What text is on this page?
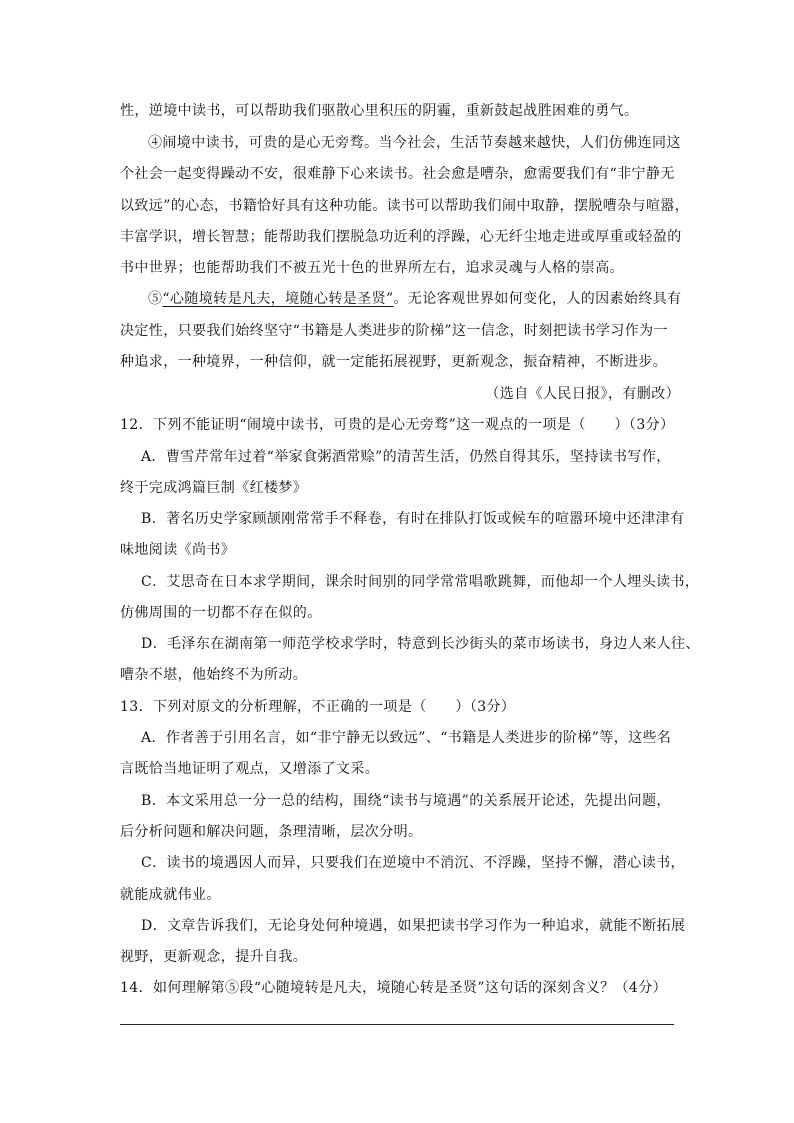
性，逆境中读书，可以帮助我们驱散心里积压的阴霾，重新鼓起战胜困难的勇气。
④闹境中读书，可贵的是心无旁骛。当今社会，生活节奏越来越快，人们仿佛连同这
个社会一起变得躁动不安，很难静下心来读书。社会愈是嘈杂，愈需要我们有“非宁静无
以致远”的心态，书籍恰好具有这种功能。读书可以帮助我们闹中取静，摆脱嘈杂与喧嚣，
丰富学识，增长智慧；能帮助我们摆脱急功近利的浮躁，心无纤尘地走进或厚重或轻盈的
书中世界；也能帮助我们不被五光十色的世界所左右，追求灵魂与人格的崇高。
⑤“心随境转是凡夫，境随心转是圣贤”。无论客观世界如何变化，人的因素始终具有
决定性，只要我们始终坚守“书籍是人类进步的阶梯”这一信念，时刻把读书学习作为一
种追求，一种境界，一种信仰，就一定能拓展视野，更新观念，振奋精神，不断进步。
（选自《人民日报》，有删改）
12．下列不能证明“闹境中读书，可贵的是心无旁骛”这一观点的一项是（　　）（3分）
A．曹雪芹常年过着“举家食粥酒常赊”的清苦生活，仍然自得其乐，坚持读书写作，
终于完成鸿篇巨制《红楼梦》
B．著名历史学家顾颉刚常常手不释卷，有时在排队打饭或候车的喧嚣环境中还津津有
味地阅读《尚书》
C．艾思奇在日本求学期间，课余时间别的同学常常唱歌跳舞，而他却一个人埋头读书，
仿佛周围的一切都不存在似的。
D．毛泽东在湖南第一师范学校求学时，特意到长沙街头的菜市场读书，身边人来人往、
嘈杂不堪，他始终不为所动。
13．下列对原文的分析理解，不正确的一项是（　　）（3分）
A．作者善于引用名言，如“非宁静无以致远”、“书籍是人类进步的阶梯”等，这些名
言既恰当地证明了观点，又增添了文采。
B．本文采用总一分一总的结构，围绕“读书与境遇”的关系展开论述，先提出问题，
后分析问题和解决问题，条理清晰，层次分明。
C．读书的境遇因人而异，只要我们在逆境中不消沉、不浮躁，坚持不懈，潜心读书，
就能成就伟业。
D．文章告诉我们，无论身处何种境遇，如果把读书学习作为一种追求，就能不断拓展
视野，更新观念，提升自我。
14．如何理解第⑤段“心随境转是凡夫，境随心转是圣贤”这句话的深刻含义？（4分）
